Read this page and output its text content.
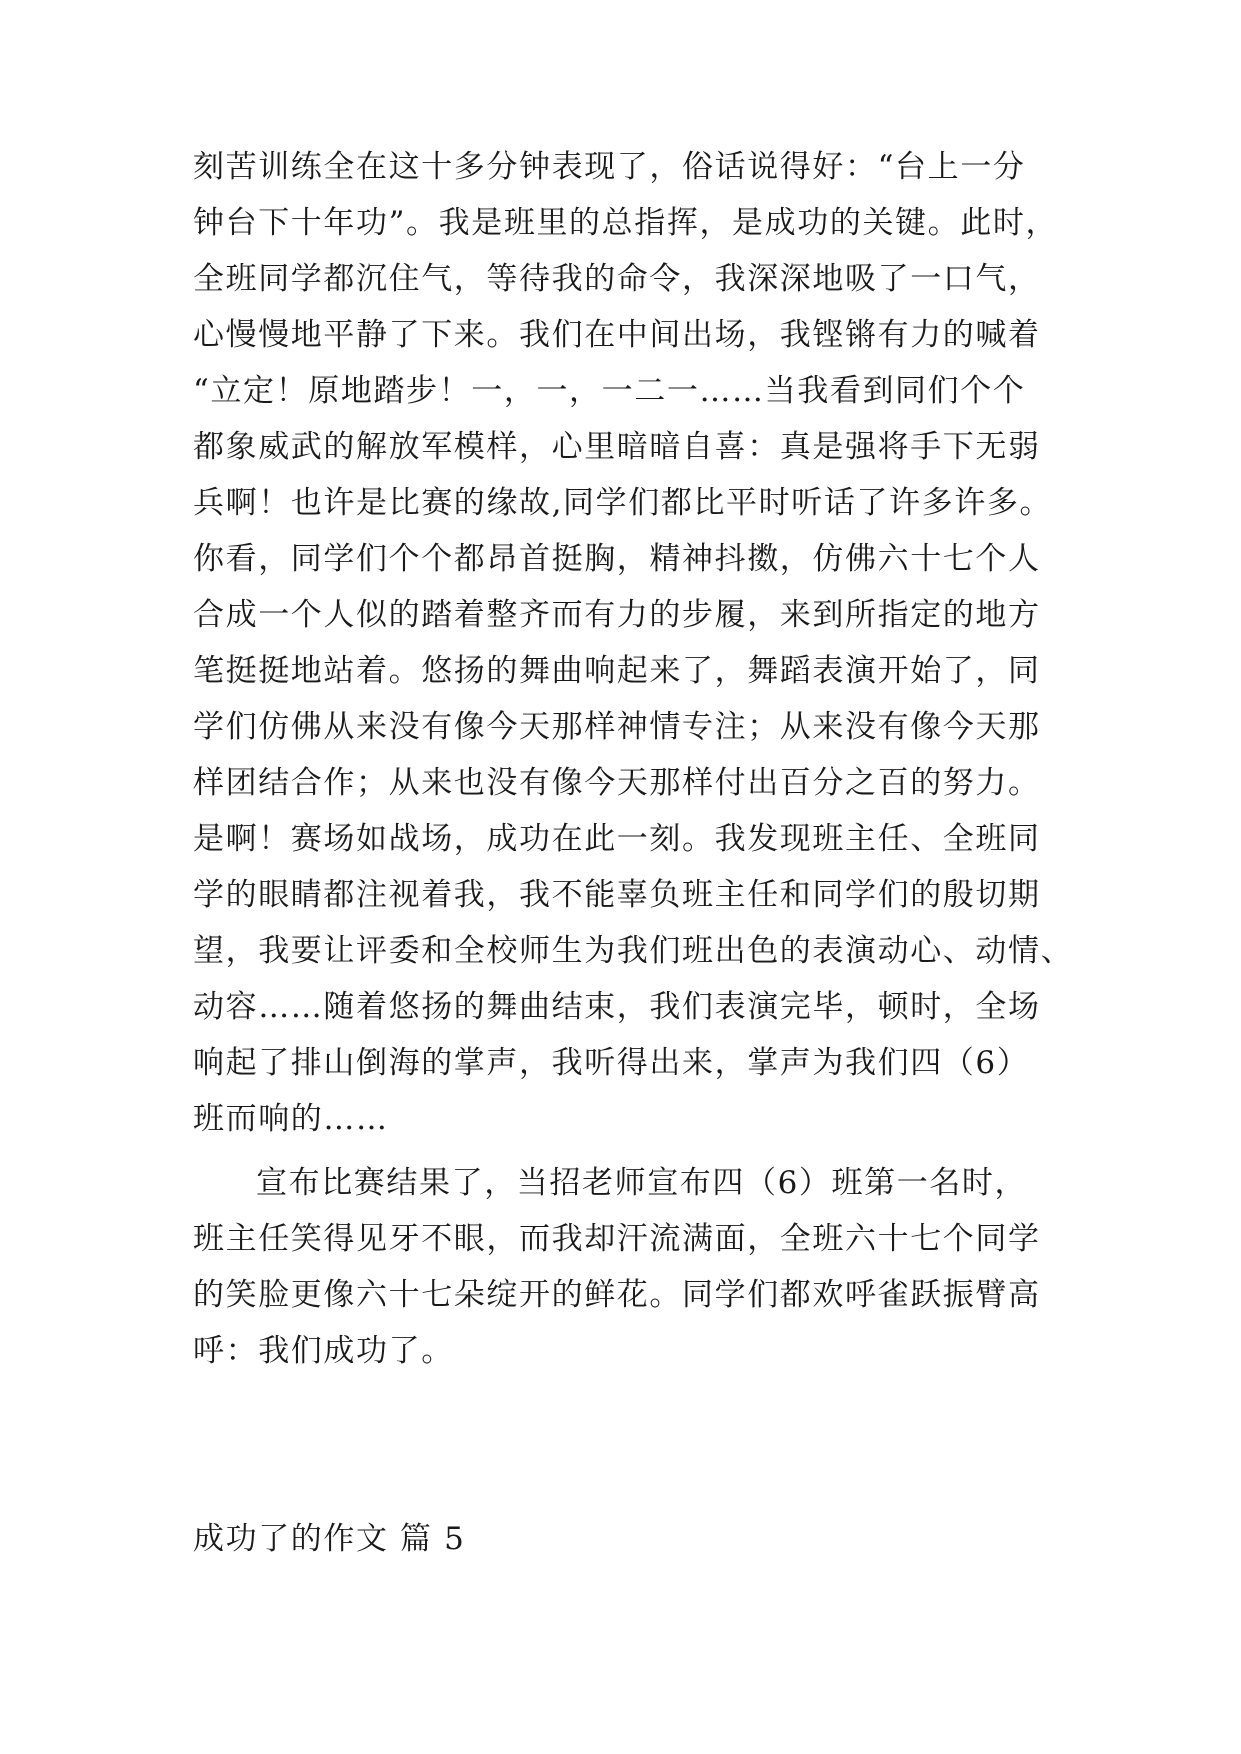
刻苦训练全在这十多分钟表现了，俗话说得好：“台上一分
钟台下十年功”。我是班里的总指挥，是成功的关键。此时，
全班同学都沉住气，等待我的命令，我深深地吸了一口气，
心慢慢地平静了下来。我们在中间出场，我铿锵有力的喊着
“立定！原地踏步！一，一，一二一……当我看到同们个个
都象威武的解放军模样，心里暗暗自喜：真是强将手下无弱
兵啊！也许是比赛的缘故,同学们都比平时听话了许多许多。
你看，同学们个个都昂首挺胸，精神抖擞，仿佛六十七个人
合成一个人似的踏着整齐而有力的步履，来到所指定的地方
笔挺挺地站着。悠扬的舞曲响起来了，舞蹈表演开始了，同
学们仿佛从来没有像今天那样神情专注；从来没有像今天那
样团结合作；从来也没有像今天那样付出百分之百的努力。
是啊！赛场如战场，成功在此一刻。我发现班主任、全班同
学的眼睛都注视着我，我不能辜负班主任和同学们的殷切期
望，我要让评委和全校师生为我们班出色的表演动心、动情、
动容……随着悠扬的舞曲结束，我们表演完毕，顿时，全场
响起了排山倒海的掌声，我听得出来，掌声为我们四（6）
班而响的……
宣布比赛结果了，当招老师宣布四（6）班第一名时，
班主任笑得见牙不眼，而我却汗流满面，全班六十七个同学
的笑脸更像六十七朵绽开的鲜花。同学们都欢呼雀跃振臂高
呼：我们成功了。
成功了的作文 篇 5
